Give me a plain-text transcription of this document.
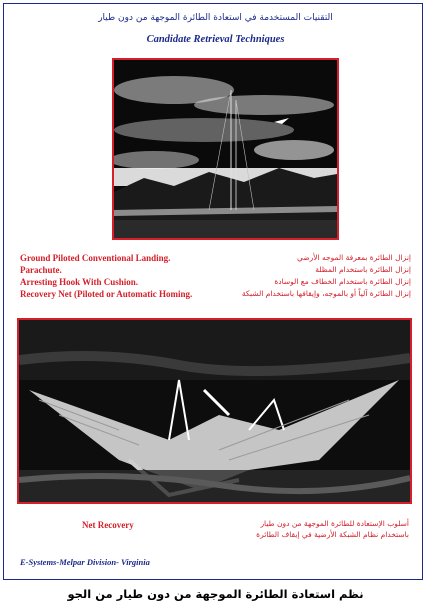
التقنيات المستخدمة في استعادة الطائرة الموجهة من دون طيار
Candidate Retrieval Techniques
Ground Piloted Conventional Landing.
Parachute.
Arresting Hook With Cushion.
Recovery Net (Piloted or Automatic Homing.
إنزال الطائرة بمعرفة الموجه الأرضي
إنزال الطائرة باستخدام المظلة
إنزال الطائرة باستخدام الخطاف مع الوسادة
إنزال الطائرة آلياً أو بالموجه، وإيقافها باستخدام الشبكة
Net Recovery	أسلوب الإستعادة للطائرة الموجهة من دون طيار
باستخدام نظام الشبكة الأرضية في إيقاف الطائرة
E-Systems-Melpar Division- Virginia
نظم استعادة الطائرة الموجهة من دون طيار من الجو
